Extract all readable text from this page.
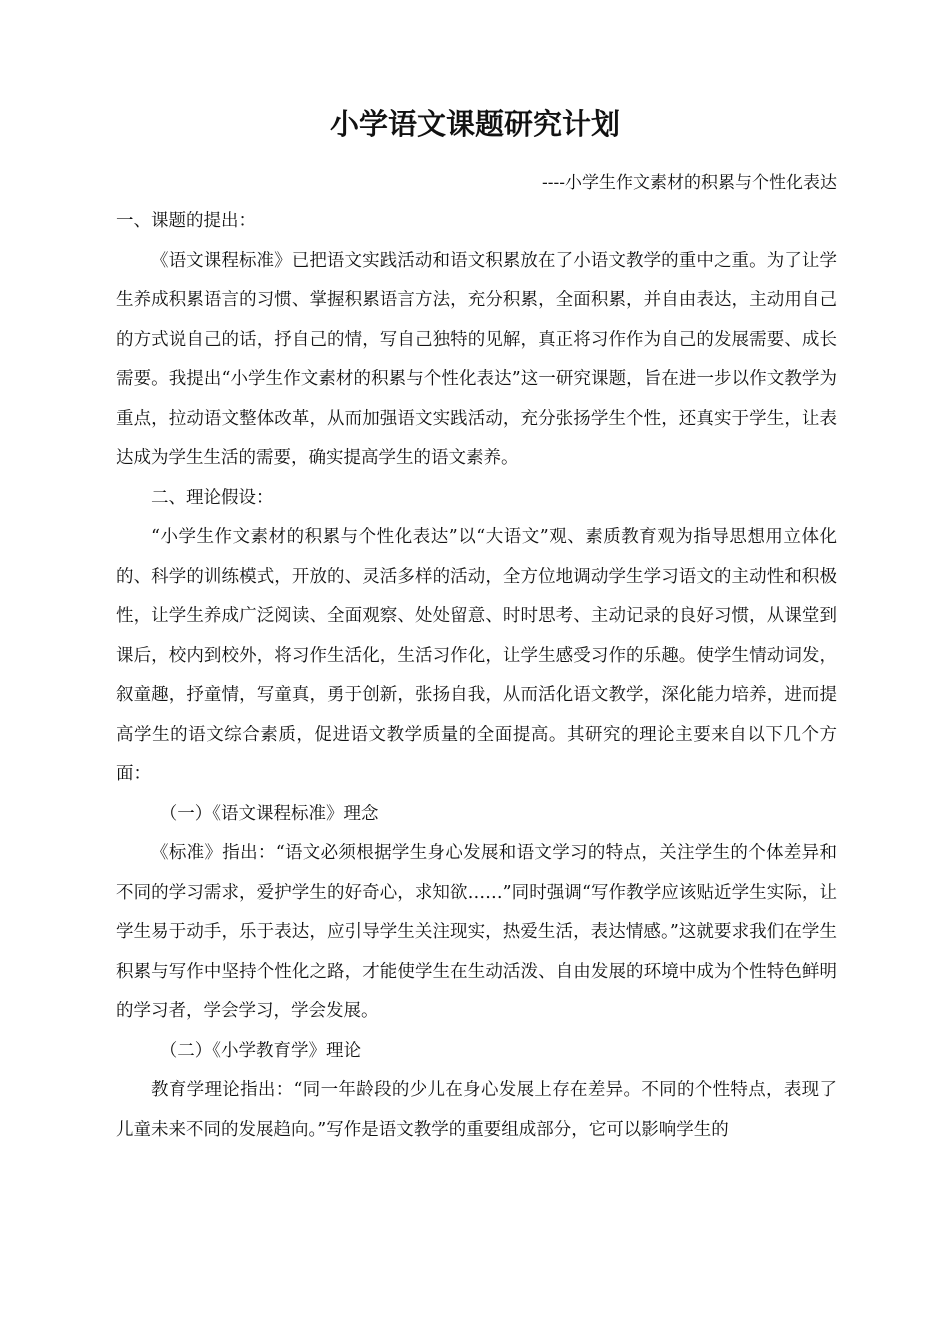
小学语文课题研究计划
----小学生作文素材的积累与个性化表达

一、课题的提出：

《语文课程标准》已把语文实践活动和语文积累放在了小语文教学的重中之重。为了让学生养成积累语言的习惯、掌握积累语言方法，充分积累，全面积累，并自由表达，主动用自己的方式说自己的话，抒自己的情，写自己独特的见解，真正将习作作为自己的发展需要、成长需要。我提出“小学生作文素材的积累与个性化表达”这一研究课题，旨在进一步以作文教学为重点，拉动语文整体改革，从而加强语文实践活动，充分张扬学生个性，还真实于学生，让表达成为学生生活的需要，确实提高学生的语文素养。

二、理论假设：

“小学生作文素材的积累与个性化表达”以“大语文”观、素质教育观为指导思想用立体化的、科学的训练模式，开放的、灵活多样的活动，全方位地调动学生学习语文的主动性和积极性，让学生养成广泛阅读、全面观察、处处留意、时时思考、主动记录的良好习惯，从课堂到课后，校内到校外，将习作生活化，生活习作化，让学生感受习作的乐趣。使学生情动词发，叙童趣，抒童情，写童真，勇于创新，张扬自我，从而活化语文教学，深化能力培养，进而提高学生的语文综合素质，促进语文教学质量的全面提高。其研究的理论主要来自以下几个方面：

（一）《语文课程标准》理念

《标准》指出：“语文必须根据学生身心发展和语文学习的特点，关注学生的个体差异和不同的学习需求，爱护学生的好奇心，求知欲……”同时强调“写作教学应该贴近学生实际，让学生易于动手，乐于表达，应引导学生关注现实，热爱生活，表达情感。”这就要求我们在学生积累与写作中坚持个性化之路，才能使学生在生动活泼、自由发展的环境中成为个性特色鲜明的学习者，学会学习，学会发展。

（二）《小学教育学》理论

教育学理论指出：“同一年龄段的少儿在身心发展上存在差异。不同的个性特点，表现了儿童未来不同的发展趋向。”写作是语文教学的重要组成部分，它可以影响学生的
